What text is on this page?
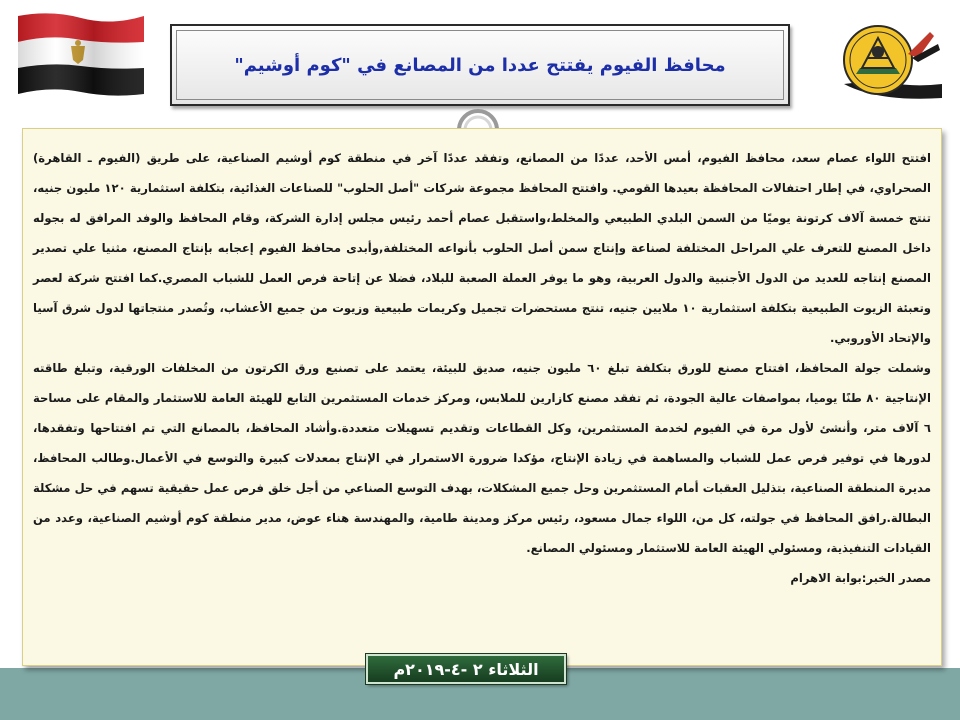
محافظ الفيوم يفتتح عددا من المصانع في "كوم أوشيم"

افتتح اللواء عصام سعد، محافظ الفيوم، أمس الأحد، عددًا من المصانع، وتفقد عددًا آخر في منطقة كوم أوشيم الصناعية، على طريق (الفيوم ـ القاهرة) الصحراوي، في إطار احتفالات المحافظة بعيدها القومي. وافتتح المحافظ مجموعة شركات "أصل الحلوب" للصناعات الغذائية، بتكلفة استثمارية ١٢٠ مليون جنيه، تنتج خمسة آلاف كرتونة يوميًا من السمن البلدي الطبيعي والمخلط،واستقبل عصام أحمد رئيس مجلس إدارة الشركة، وقام المحافظ والوفد المرافق له بجوله داخل المصنع للتعرف علي المراحل المختلفة لصناعة وإنتاج سمن أصل الحلوب بأنواعه المختلفة,وأبدى محافظ الفيوم إعجابه بإنتاج المصنع، مثنيا علي تصدير المصنع إنتاجه للعديد من الدول الأجنبية والدول العربية، وهو ما يوفر العملة الصعبة للبلاد، فضلا عن إتاحة فرص العمل للشباب المصري.كما افتتح شركة لعصر وتعبئة الزيوت الطبيعية بتكلفة استثمارية ١٠ ملايين جنيه، تنتج مستحضرات تجميل وكريمات طبيعية وزيوت من جميع الأعشاب، وتُصدر منتجاتها لدول شرق آسيا والإتحاد الأوروبي.

وشملت جولة المحافظ، افتتاح مصنع للورق بتكلفة تبلغ ٦٠ مليون جنيه، صديق للبيئة، يعتمد على تصنيع ورق الكرتون من المخلفات الورقية، وتبلغ طاقته الإنتاجية ٨٠ طنًا يوميا، بمواصفات عالية الجودة، ثم تفقد مصنع كازارين للملابس، ومركز خدمات المستثمرين التابع للهيئة العامة للاستثمار والمقام على مساحة ٦ آلاف متر، وأنشئ لأول مرة في الفيوم لخدمة المستثمرين، وكل القطاعات وتقديم تسهيلات متعددة.وأشاد المحافظ، بالمصانع التي تم افتتاحها وتفقدها، لدورها في توفير فرص عمل للشباب والمساهمة في زيادة الإنتاج، مؤكدا ضرورة الاستمرار في الإنتاج بمعدلات كبيرة والتوسع في الأعمال.وطالب المحافظ، مديرة المنطقة الصناعية، بتذليل العقبات أمام المستثمرين وحل جميع المشكلات، بهدف التوسع الصناعي من أجل خلق فرص عمل حقيقية تسهم في حل مشكلة البطالة.رافق المحافظ في جولته، كل من، اللواء جمال مسعود، رئيس مركز ومدينة طامية، والمهندسة هناء عوض، مدير منطقة كوم أوشيم الصناعية، وعدد من القيادات التنفيذية، ومسئولي الهيئة العامة للاستثمار ومسئولي المصانع.

مصدر الخبر:بوابة الاهرام

الثلاثاء ٢ -٤-٢٠١٩م
